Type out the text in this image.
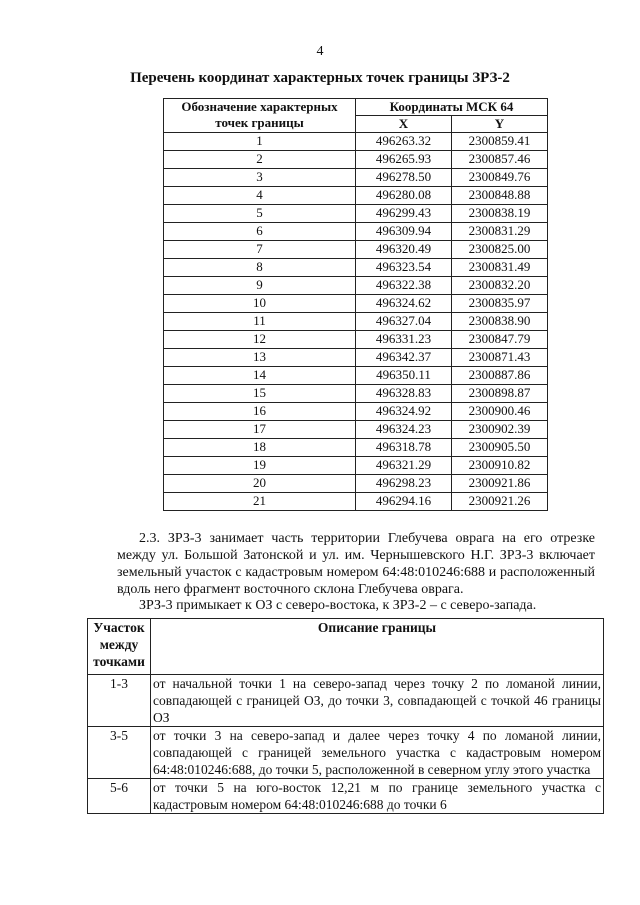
4
Перечень координат характерных точек границы ЗРЗ-2
Обозначение характерных точек границы	Координаты МСК 64	
	X	Y
1	496263.32	2300859.41
2	496265.93	2300857.46
3	496278.50	2300849.76
4	496280.08	2300848.88
5	496299.43	2300838.19
6	496309.94	2300831.29
7	496320.49	2300825.00
8	496323.54	2300831.49
9	496322.38	2300832.20
10	496324.62	2300835.97
11	496327.04	2300838.90
12	496331.23	2300847.79
13	496342.37	2300871.43
14	496350.11	2300887.86
15	496328.83	2300898.87
16	496324.92	2300900.46
17	496324.23	2300902.39
18	496318.78	2300905.50
19	496321.29	2300910.82
20	496298.23	2300921.86
21	496294.16	2300921.26

2.3. ЗРЗ-3 занимает часть территории Глебучева оврага на его отрезке между ул. Большой Затонской и ул. им. Чернышевского Н.Г. ЗРЗ-3 включает земельный участок с кадастровым номером 64:48:010246:688 и расположенный вдоль него фрагмент восточного склона Глебучева оврага.

ЗРЗ-3 примыкает к ОЗ с северо-востока, к ЗРЗ-2 – с северо-запада.
Участок между точками	Описание границы
1-3	от начальной точки 1 на северо-запад через точку 2 по ломаной линии, совпадающей с границей ОЗ, до точки 3, совпадающей с точкой 46 границы ОЗ
3-5	от точки 3 на северо-запад и далее через точку 4 по ломаной линии, совпадающей с границей земельного участка с кадастровым номером 64:48:010246:688, до точки 5, расположенной в северном углу этого участка
5-6	от точки 5 на юго-восток 12,21 м по границе земельного участка с кадастровым номером 64:48:010246:688 до точки 6
